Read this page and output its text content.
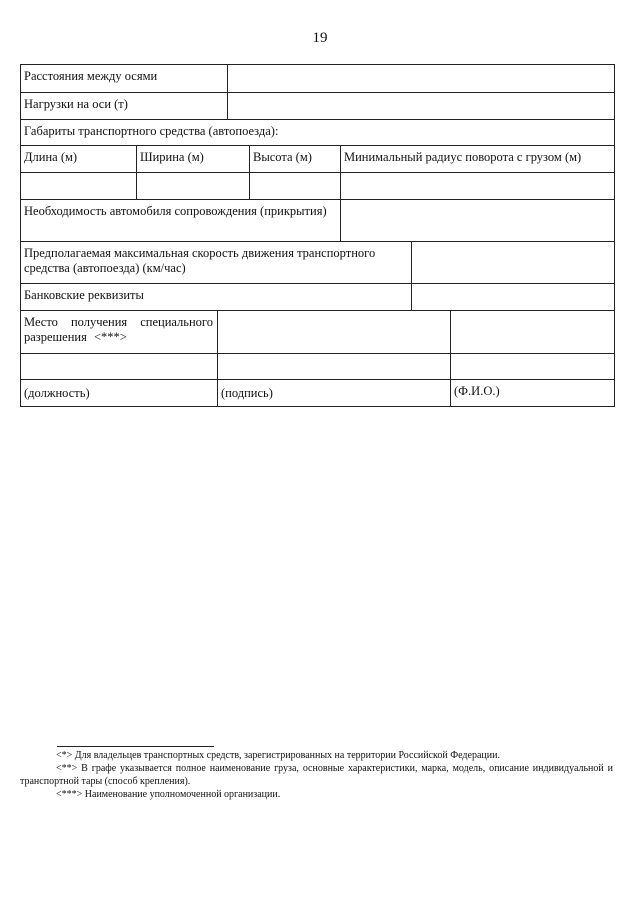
19
Расстояния между осями
Нагрузки на оси (т)
Габариты транспортного средства (автопоезда):
Длина (м)	Ширина (м)	Высота (м)	Минимальный радиус поворота с грузом (м)
Необходимость автомобиля сопровождения (прикрытия)
Предполагаемая максимальная скорость движения транспортного средства (автопоезда) (км/час)
Банковские реквизиты
Место получения специального разрешения <***>
(должность)	(подпись)	(Ф.И.О.)

<*> Для владельцев транспортных средств, зарегистрированных на территории Российской Федерации.

<**> В графе указывается полное наименование груза, основные характеристики, марка, модель, описание индивидуальной и транспортной тары (способ крепления).

<***> Наименование уполномоченной организации.
